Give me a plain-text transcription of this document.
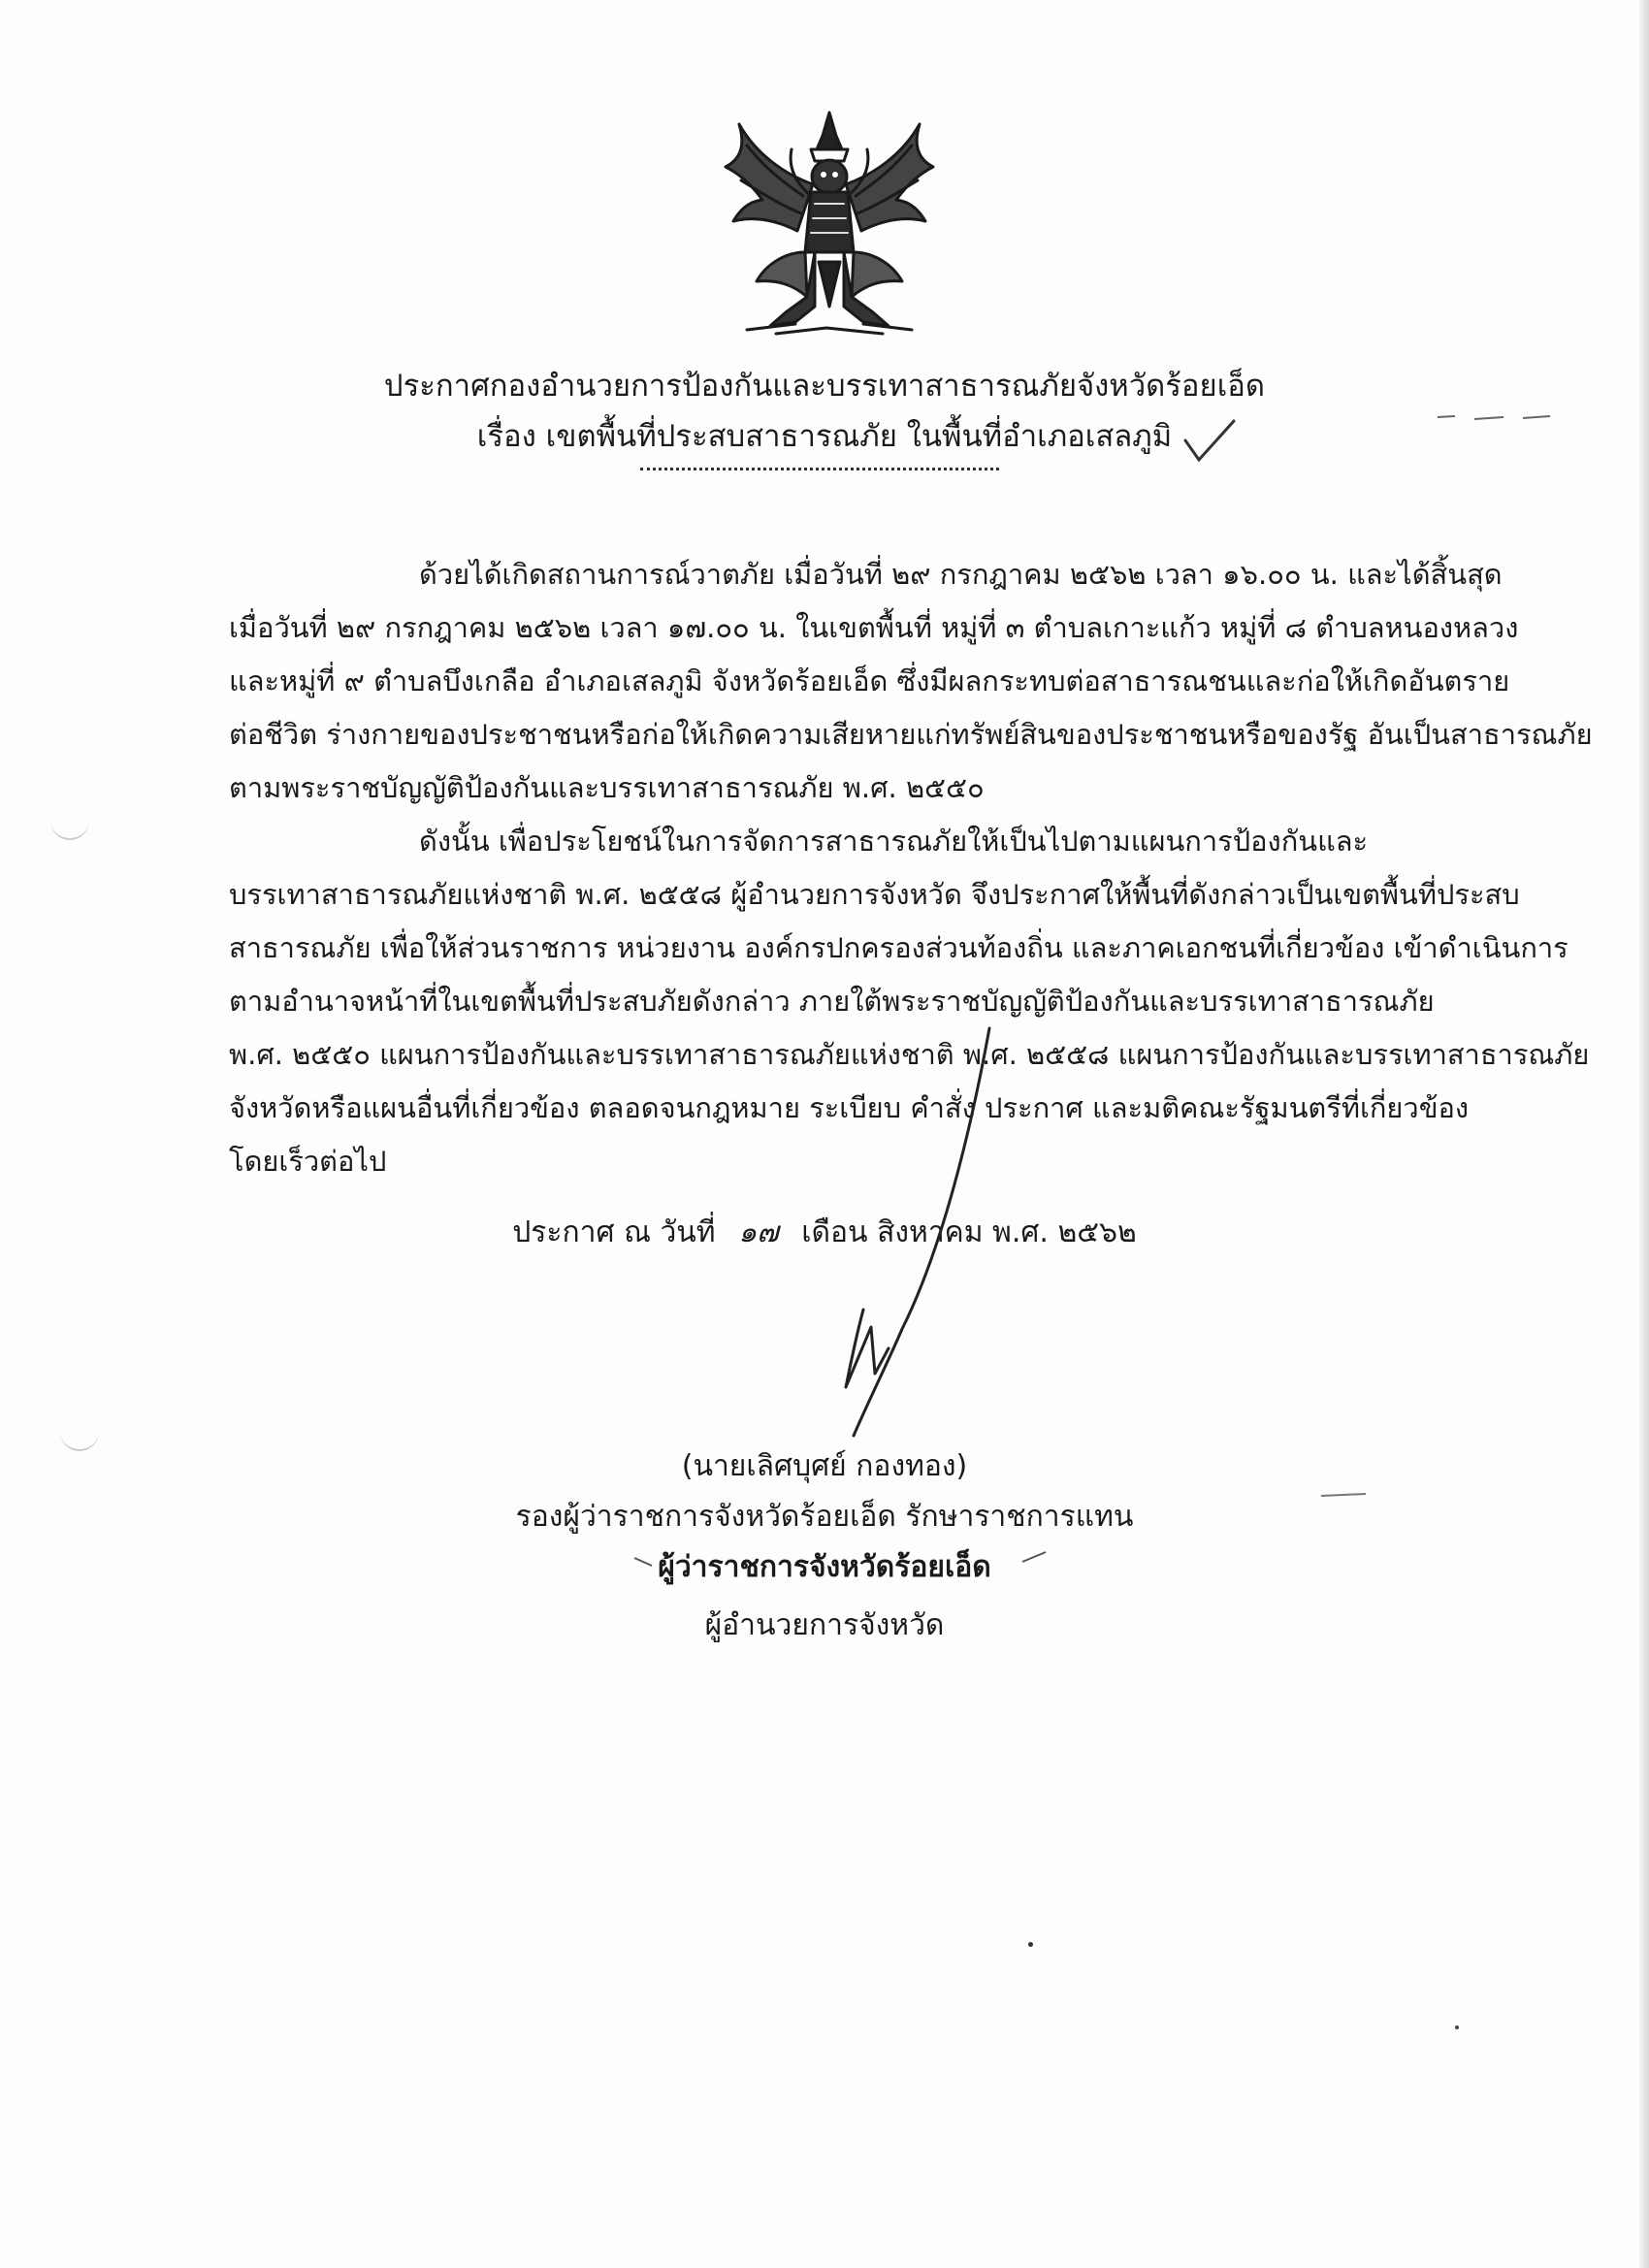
ประกาศกองอำนวยการป้องกันและบรรเทาสาธารณภัยจังหวัดร้อยเอ็ด
เรื่อง เขตพื้นที่ประสบสาธารณภัย ในพื้นที่อำเภอเสลภูมิ
ด้วยได้เกิดสถานการณ์วาตภัย เมื่อวันที่ ๒๙ กรกฎาคม ๒๕๖๒ เวลา ๑๖.๐๐ น. และได้สิ้นสุด
เมื่อวันที่ ๒๙ กรกฎาคม ๒๕๖๒ เวลา ๑๗.๐๐ น. ในเขตพื้นที่ หมู่ที่ ๓ ตำบลเกาะแก้ว หมู่ที่ ๘ ตำบลหนองหลวง
และหมู่ที่ ๙ ตำบลบึงเกลือ อำเภอเสลภูมิ จังหวัดร้อยเอ็ด ซึ่งมีผลกระทบต่อสาธารณชนและก่อให้เกิดอันตราย
ต่อชีวิต ร่างกายของประชาชนหรือก่อให้เกิดความเสียหายแก่ทรัพย์สินของประชาชนหรือของรัฐ อันเป็นสาธารณภัย
ตามพระราชบัญญัติป้องกันและบรรเทาสาธารณภัย พ.ศ. ๒๕๕๐
ดังนั้น เพื่อประโยชน์ในการจัดการสาธารณภัยให้เป็นไปตามแผนการป้องกันและ
บรรเทาสาธารณภัยแห่งชาติ พ.ศ. ๒๕๕๘ ผู้อำนวยการจังหวัด จึงประกาศให้พื้นที่ดังกล่าวเป็นเขตพื้นที่ประสบ
สาธารณภัย เพื่อให้ส่วนราชการ หน่วยงาน องค์กรปกครองส่วนท้องถิ่น และภาคเอกชนที่เกี่ยวข้อง เข้าดำเนินการ
ตามอำนาจหน้าที่ในเขตพื้นที่ประสบภัยดังกล่าว ภายใต้พระราชบัญญัติป้องกันและบรรเทาสาธารณภัย
พ.ศ. ๒๕๕๐ แผนการป้องกันและบรรเทาสาธารณภัยแห่งชาติ พ.ศ. ๒๕๕๘ แผนการป้องกันและบรรเทาสาธารณภัย
จังหวัดหรือแผนอื่นที่เกี่ยวข้อง ตลอดจนกฎหมาย ระเบียบ คำสั่ง ประกาศ และมติคณะรัฐมนตรีที่เกี่ยวข้อง
โดยเร็วต่อไป
ประกาศ ณ วันที่ ๑๗ เดือน สิงหาคม พ.ศ. ๒๕๖๒
(นายเลิศบุศย์ กองทอง)
รองผู้ว่าราชการจังหวัดร้อยเอ็ด รักษาราชการแทน
ผู้ว่าราชการจังหวัดร้อยเอ็ด
ผู้อำนวยการจังหวัด
